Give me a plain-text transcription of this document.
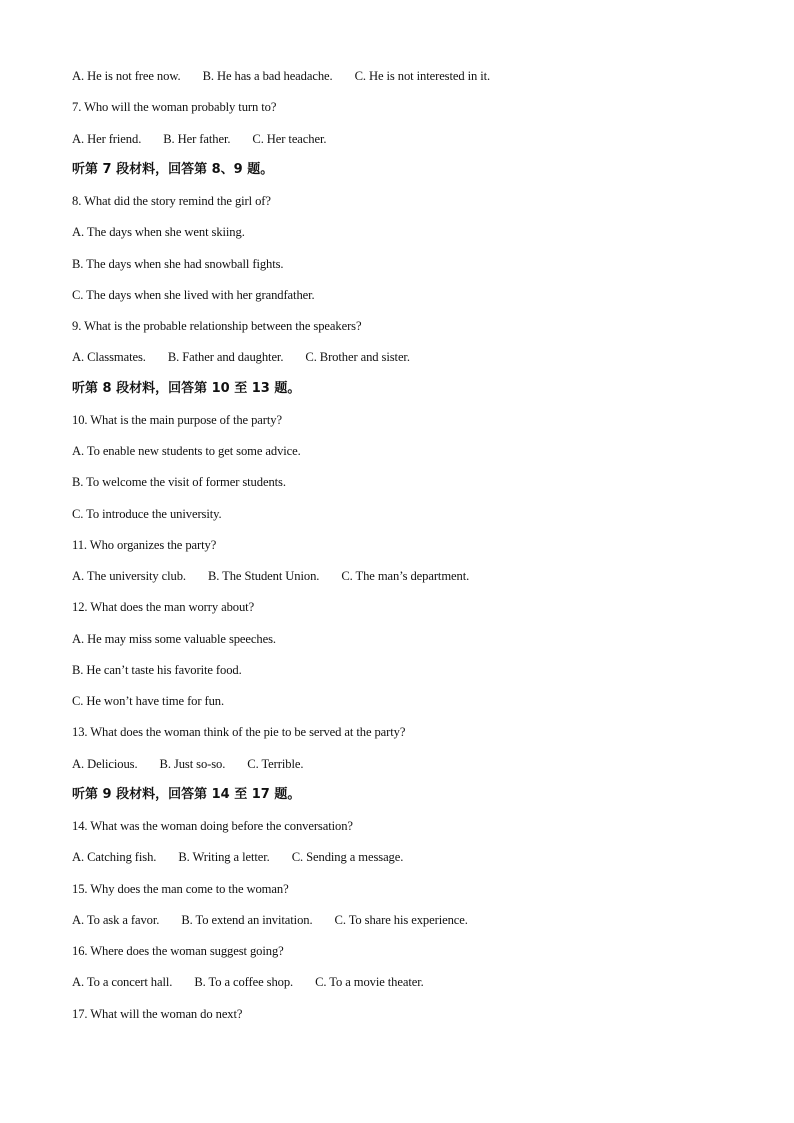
A. He is not free now. B. He has a bad headache. C. He is not interested in it.
7. Who will the woman probably turn to?
A. Her friend. B. Her father. C. Her teacher.
听第 7 段材料，回答第 8、9 题。
8. What did the story remind the girl of?
A. The days when she went skiing.
B. The days when she had snowball fights.
C. The days when she lived with her grandfather.
9. What is the probable relationship between the speakers?
A. Classmates. B. Father and daughter. C. Brother and sister.
听第 8 段材料，回答第 10 至 13 题。
10. What is the main purpose of the party?
A. To enable new students to get some advice.
B. To welcome the visit of former students.
C. To introduce the university.
11. Who organizes the party?
A. The university club. B. The Student Union. C. The man’s department.
12. What does the man worry about?
A. He may miss some valuable speeches.
B. He can’t taste his favorite food.
C. He won’t have time for fun.
13. What does the woman think of the pie to be served at the party?
A. Delicious. B. Just so-so. C. Terrible.
听第 9 段材料，回答第 14 至 17 题。
14. What was the woman doing before the conversation?
A. Catching fish. B. Writing a letter. C. Sending a message.
15. Why does the man come to the woman?
A. To ask a favor. B. To extend an invitation. C. To share his experience.
16. Where does the woman suggest going?
A. To a concert hall. B. To a coffee shop. C. To a movie theater.
17. What will the woman do next?
